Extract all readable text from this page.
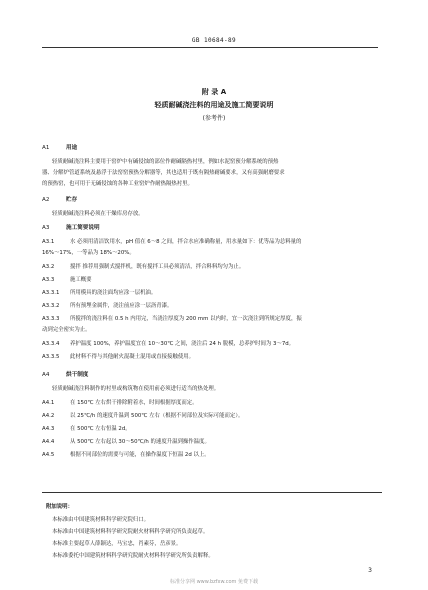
GB 10684-89
附 录 A
轻质耐碱浇注料的用途及施工简要说明
(参考件)
A1	用途
轻质耐碱浇注料主要用于窑炉中有碱侵蚀的部位作耐碱隔热衬里，例如水泥窑预分解系统的预热
器、分解炉管道系统及悬浮于法窑窑预热分解器等，其也适用于既有隔热耐碱要求，又有高强耐磨要求
的预热窑，也可用于无碱侵蚀的各种工业窑炉作耐热隔热衬里。
A2	贮存
轻质耐碱浇注料必须在干燥库房存放。
A3	施工简要说明
A3.1	水 必须用清洁饮用水，pH 值在 6～8 之间，拌合水应准确称量，用水量如下：优等品为总料量的
16%～17%，一等品为 18%～20%。
A3.2	搅拌 推荐用强制式搅拌机，既有搅拌工具必须清洁，拌合料料均匀为止。
A3.3	施工概要
A3.3.1 所用模具的浇注面均应涂一层机油。
A3.3.2 所有预埋金属件，浇注前应涂一层沥青漆。
A3.3.3 所搅拌的浇注料在 0.5 h 内用完，当浇注厚度为 200 mm 以内时，宜一次浇注到所规定厚度，振
动到完全密实为止。
A3.3.4 养护温度 100%，养护温度宜在 10～30℃ 之间，浇注后 24 h 脱模，总养护时间为 3～7d。
A3.3.5 此材料不得与其他耐火混凝土混用或直接接触使用。
A4	烘干制度
轻质耐碱浇注料制作的衬里或构筑物在使用前必须进行适当的热处理。
A4.1	在 150℃ 左右烘干排除附着水，时间根据厚度而定。
A4.2	以 25℃/h 的速度升温到 500℃ 左右（根据不同部位及实际可能而定）。
A4.3	在 500℃ 左右恒温 2d。
A4.4	从 500℃ 左右起以 30～50℃/h 的速度升温到操作温度。
A4.5	根据不同部位的需要与可能，在操作温度下恒温 2d 以上。
附加说明：
本标准由中国建筑材料科学研究院归口。
本标准由中国建筑材料科学研究院耐火材料科学研究所负责起草。
本标准主要起草人薛颖达，马宝忠，肖素芬，岳彦景。
本标准委托中国建筑材料科学研究院耐火材料科学研究所负责解释。
3
标准分享网 www.bzfxw.com 免费下载
